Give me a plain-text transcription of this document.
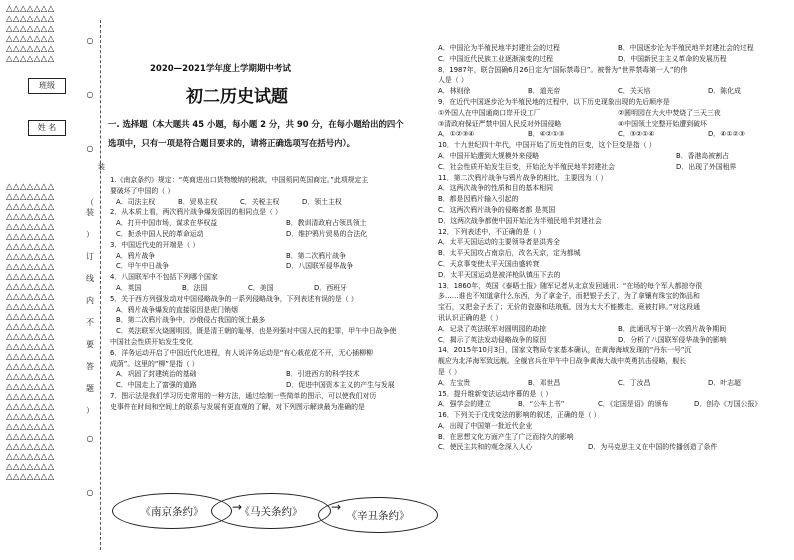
△△△△△△△
△△△△△△△
△△△△△△△
△△△△△△△
△△△△△△△
△△△△△△△
班级
姓 名
△△△△△△△
△△△△△△△
△△△△△△△
△△△△△△△
△△△△△△△
△△△△△△△
△△△△△△△
△△△△△△△
△△△△△△△
△△△△△△△
△△△△△△△
△△△△△△△
△△△△△△△
△△△△△△△
△△△△△△△
△△△△△△△
△△△△△△△
△△△△△△△
△△△△△△△
△△△△△△△
△△△△△△△
△△△△△△△
△△△△△△△
△△△△△△△
△△△△△△△
△△△△△△△
△△△△△△△
△△△△△△△
△△△△△△△
△△△△△△△
○
○
○
（
装
）
订
线
内
不
要
答
题
）
○
○
2020—2021学年度上学期期中考试
初二历史试题
一. 选择题（本大题共 45 小题，每小题 2 分，共 90 分，在每小题给出的四个
选项中，只有一项是符合题目要求的，请将正确选项写在括号内）。
装
1.《南京条约》规定：“英商进出口货物缴纳的税款，中国须同英国商定。”此项规定主
要破坏了中国的（ ）
A．司法主权	B．贸易主权	C．关税主权	D．领土主权
2．从本质上看，两次鸦片战争爆发原因的相同点是（ ）
A．打开中国市场，谋求在华权益	B．教训清政府占领具领土
C．扼杀中国人民的革命运动	D．维护鸦片贸易的合法化
3．中国近代史的开端是（ ）
A．鸦片战争	B．第二次鸦片战争
C．甲午中日战争	D．八国联军侵华战争
4．八国联军中不包括下列哪个国家
A．英国	B．法国	C．美国	D．西班牙
5．关于西方列强发动对中国侵略战争的一系列侵略战争，下列表述有误的是（ ）
A．鸦片战争爆发的直接原因是虎门销烟
B．第二次鸦片战争中，沙俄侵占我国的领土最多
C．英法联军火烧圆明园，既是清王朝的耻辱，也是列强对中国人民的犯罪，甲午中日战争使
中国社会性质开始发生变化
6．洋务运动开启了中国近代化进程，有人说洋务运动是“有心栽花花不开，无心插柳柳
成荫”。这里的“柳”是指（ ）
A．巩固了封建统治的基础	B．引进西方的科学技术
C．中国走上了富强的道路	D．促进中国资本主义的产生与发展
7．图示法是我们学习历史常用的一种方法，通过绘制一些简单的图示，可以使我们对历
史事件在时间和空间上的联系与发展有更直观的了解，对下列图示解读最为准确的是
《南京条约》 →
《马关条约》 →
《辛丑条约》
A．中国沦为半殖民地半封建社会的过程	B．中国逐步沦为半殖民地半封建社会的过程
C．中国近代民族工业逐渐演变的过程	D．中国新民主主义革命的发展历程
8．1987年，联合国确6月26日定为“国际禁毒日”。被誉为“世界禁毒第一人”的伟
人是（ ）
A．林则徐	B．道光帝	C．关天培	D．陈化成
9．在近代中国逐步沦为半殖民地的过程中，以下历史现象出现的先后顺序是
①外国人在中国通商口岸开设工厂	②圆明园在大火中焚烧了三天三夜
③清政府保证严禁中国人民反对外国侵略	④中国领土完整开始遭到破坏
A．①②③④	B．④②①③	C．③②①④	D．④①②③
10．十九世纪四十年代，中国开始了历史性的巨变，这个巨变是指（ ）
A．中国开始遭到大规模外来侵略	B．香港岛被割占
C．社会性质开始发生巨变，开始沦为半殖民地半封建社会	D．出现了外国租界
11．第二次鸦片战争与鸦片战争的相比，主要因为（ ）
A．这两次战争的性质和目的基本相同
B．都是因鸦片输入引起的
C．这两次鸦片战争的侵略者都 是英国
D．这两次战争都使中国开始沦为半殖民地半封建社会
12．下列表述中，不正确的是（ ）
A．太平天国运动的主要领导者是洪秀全
B．太平天国攻占南京后，改名天京，定为都城
C．天京事变使太平天国由盛转衰
D．太平天国运动是被洋枪队镇压下去的
13．1860年，英国《泰晤士报》随军记者从北京发回通讯：“在场的每个军人都掠夺很
多……谁也不知道拿什么东西，为了拿金子，而把银子丢了，为了拿镶有珠宝的饰品和
宝石，又把金子丢了；无价的瓷器和珐琅瓶，因为太大不能搬走，竟被打碎。”对这段通
讯认识正确的是（ ）
A．记录了英法联军对圆明园的劫掠	B．此通讯写于第一次鸦片战争期间
C．揭示了英法发动侵略战争的原因	D．分析了八国联军侵华战争的影响
14．2015年10月3日，国家文物局专家基本确认，在黄海海域发现的“丹东一号”沉
舰应为北洋海军致远舰。全舰官兵在甲午中日战争黄海大战中英勇抗击侵略，舰长
是（ ）
A．左宝贵	B．邓世昌	C．丁汝昌	D．叶志超
15．提升维新变法运动序幕的是（ ）
A．强学会的建立	B．“公车上书”	C．《定国是诏》的颁布	D．创办《万国公报》
16．下列关于戊戌变法的影响的叙述，正确的是（ ）
A．出现了中国第一批近代企业
B．在思想文化方面产生了广泛而持久的影响
C．使民主共和的观念深入人心	D．为马克思主义在中国的传播创造了条件
